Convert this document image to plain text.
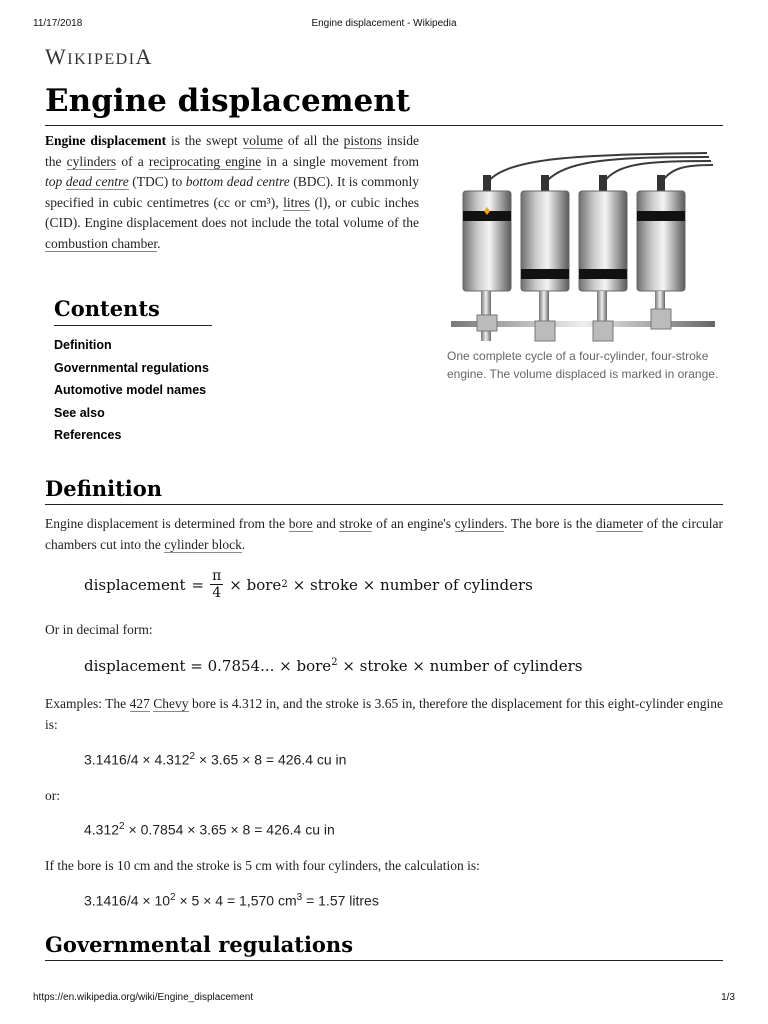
11/17/2018	Engine displacement - Wikipedia
WIKIPEDIA
Engine displacement

Engine displacement is the swept volume of all the pistons inside the cylinders of a reciprocating engine in a single movement from top dead centre (TDC) to bottom dead centre (BDC). It is commonly specified in cubic centimetres (cc or cm³), litres (l), or cubic inches (CID). Engine displacement does not include the total volume of the combustion chamber.

One complete cycle of a four-cylinder, four-stroke engine. The volume displaced is marked in orange.
Contents
Definition
Governmental regulations
Automotive model names
See also
References
Definition

Engine displacement is determined from the bore and stroke of an engine's cylinders. The bore is the diameter of the circular chambers cut into the cylinder block.

displacement = $\frac{\pi}{4}$ × bore 2 × stroke × number of cylinders

Or in decimal form:

displacement = 0.7854... × bore$^2$ × stroke × number of cylinders

Examples: The 427 Chevy bore is 4.312 in, and the stroke is 3.65 in, therefore the displacement for this eight-cylinder engine is:

$3.1416/4 \times 4.312^2 \times 3.65 \times 8 = 426.4$ cu in

or:

$4.312^2 \times 0.7854 \times 3.65 \times 8 = 426.4$ cu in

If the bore is 10 cm and the stroke is 5 cm with four cylinders, the calculation is:

$3.1416/4 \times 10^2 \times 5 \times 4 = 1,570$ $cm^3 = 1.57$ litres
Governmental regulations
https://en.wikipedia.org/wiki/Engine_displacement	1/3
